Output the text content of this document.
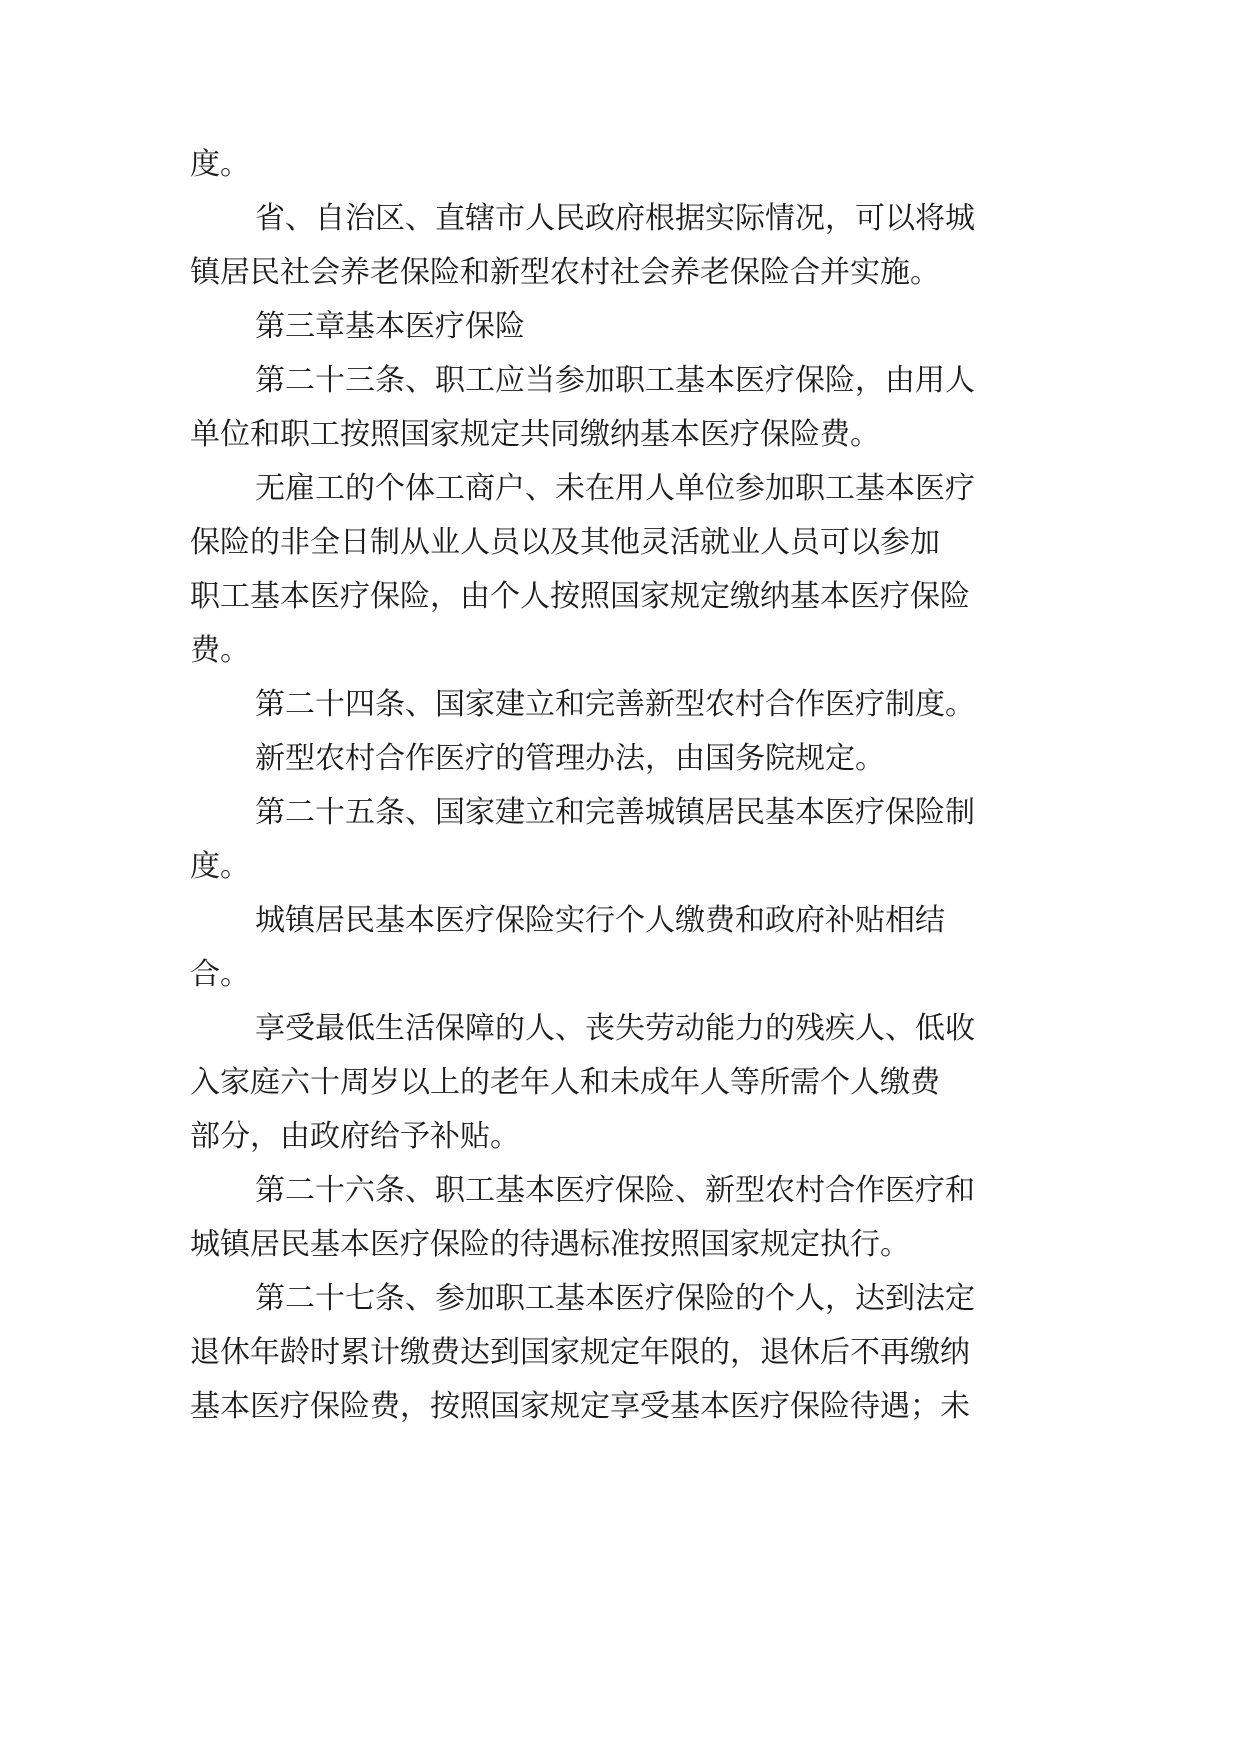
度。
省、自治区、直辖市人民政府根据实际情况，可以将城
镇居民社会养老保险和新型农村社会养老保险合并实施。
第三章基本医疗保险
第二十三条、职工应当参加职工基本医疗保险，由用人
单位和职工按照国家规定共同缴纳基本医疗保险费。
无雇工的个体工商户、未在用人单位参加职工基本医疗
保险的非全日制从业人员以及其他灵活就业人员可以参加
职工基本医疗保险，由个人按照国家规定缴纳基本医疗保险
费。
第二十四条、国家建立和完善新型农村合作医疗制度。
新型农村合作医疗的管理办法，由国务院规定。
第二十五条、国家建立和完善城镇居民基本医疗保险制
度。
城镇居民基本医疗保险实行个人缴费和政府补贴相结
合。
享受最低生活保障的人、丧失劳动能力的残疾人、低收
入家庭六十周岁以上的老年人和未成年人等所需个人缴费
部分，由政府给予补贴。
第二十六条、职工基本医疗保险、新型农村合作医疗和
城镇居民基本医疗保险的待遇标准按照国家规定执行。
第二十七条、参加职工基本医疗保险的个人，达到法定
退休年龄时累计缴费达到国家规定年限的，退休后不再缴纳
基本医疗保险费，按照国家规定享受基本医疗保险待遇；未
